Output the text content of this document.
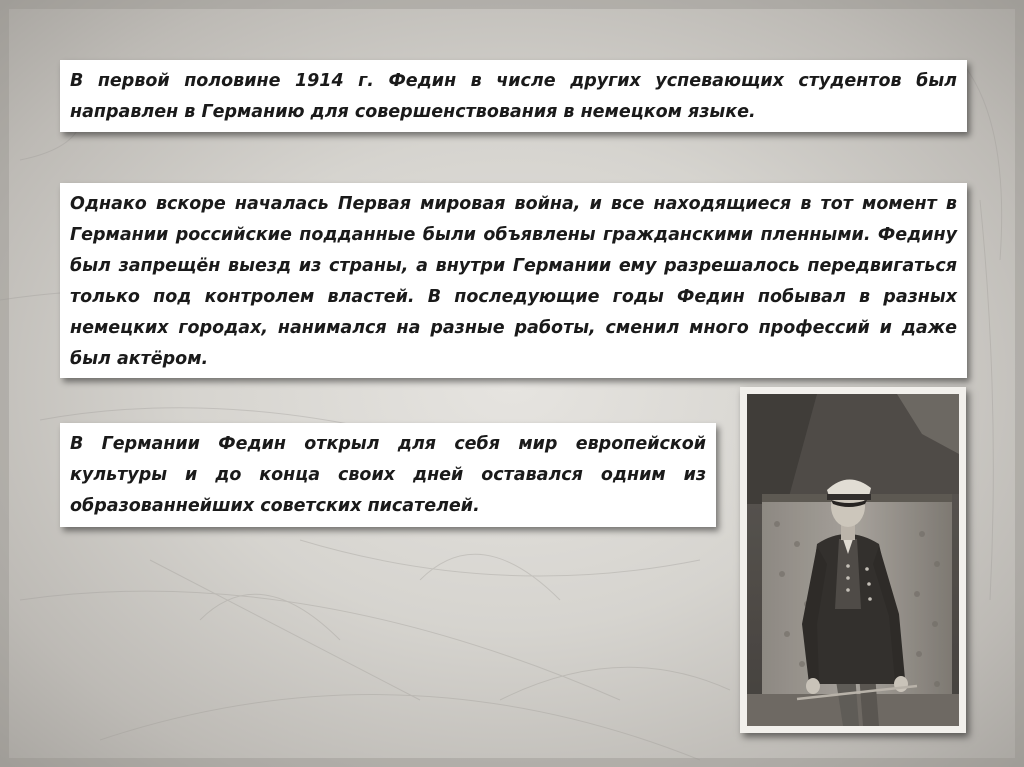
В первой половине 1914 г. Федин в числе других успевающих студентов был направлен в Германию для совершенствования в немецком языке.
Однако вскоре началась Первая мировая война, и все находящиеся в тот момент в Германии российские подданные были объявлены гражданскими пленными. Федину был запрещён выезд из страны, а внутри Германии ему разрешалось передвигаться только под контролем властей. В последующие годы Федин побывал в разных немецких городах, нанимался на разные работы, сменил много профессий и даже был актёром.
В Германии Федин открыл для себя мир европейской культуры и до конца своих дней оставался одним из образованнейших советских писателей.
